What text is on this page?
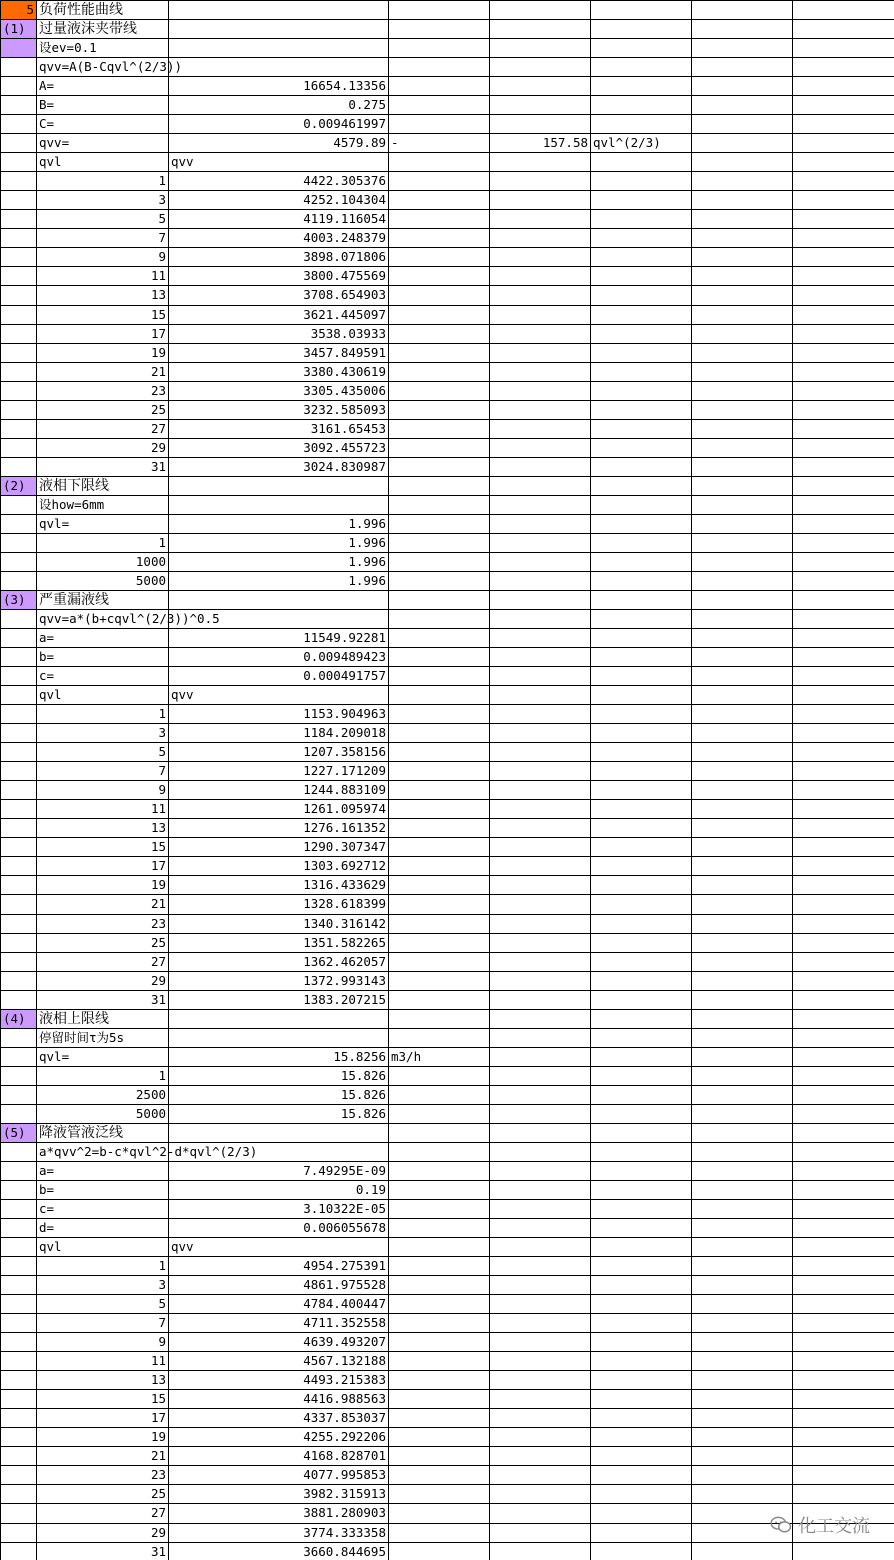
5	负荷性能曲线						
(1)	过量液沫夹带线						
	设ev=0.1						
	qvv=A(B-Cqvl^(2/3))						
	A=	16654.13356					
	B=	0.275					
	C=	0.009461997					
	qvv=	4579.89	-	157.58	qvl^(2/3)		
	qvl	qvv					
	1	4422.305376					
	3	4252.104304					
	5	4119.116054					
	7	4003.248379					
	9	3898.071806					
	11	3800.475569					
	13	3708.654903					
	15	3621.445097					
	17	3538.03933					
	19	3457.849591					
	21	3380.430619					
	23	3305.435006					
	25	3232.585093					
	27	3161.65453					
	29	3092.455723					
	31	3024.830987					
(2)	液相下限线						
	设how=6mm						
	qvl=	1.996					
	1	1.996					
	1000	1.996					
	5000	1.996					
(3)	严重漏液线						
	qvv=a*(b+cqvl^(2/3))^0.5						
	a=	11549.92281					
	b=	0.009489423					
	c=	0.000491757					
	qvl	qvv					
	1	1153.904963					
	3	1184.209018					
	5	1207.358156					
	7	1227.171209					
	9	1244.883109					
	11	1261.095974					
	13	1276.161352					
	15	1290.307347					
	17	1303.692712					
	19	1316.433629					
	21	1328.618399					
	23	1340.316142					
	25	1351.582265					
	27	1362.462057					
	29	1372.993143					
	31	1383.207215					
(4)	液相上限线						
	停留时间τ为5s						
	qvl=	15.8256	m3/h				
	1	15.826					
	2500	15.826					
	5000	15.826					
(5)	降液管液泛线						
	a*qvv^2=b-c*qvl^2-d*qvl^(2/3)						
	a=	7.49295E-09					
	b=	0.19					
	c=	3.10322E-05					
	d=	0.006055678					
	qvl	qvv					
	1	4954.275391					
	3	4861.975528					
	5	4784.400447					
	7	4711.352558					
	9	4639.493207					
	11	4567.132188					
	13	4493.215383					
	15	4416.988563					
	17	4337.853037					
	19	4255.292206					
	21	4168.828701					
	23	4077.995853					
	25	3982.315913					
	27	3881.280903					
	29	3774.333358					
	31	3660.844695					
化工交流
